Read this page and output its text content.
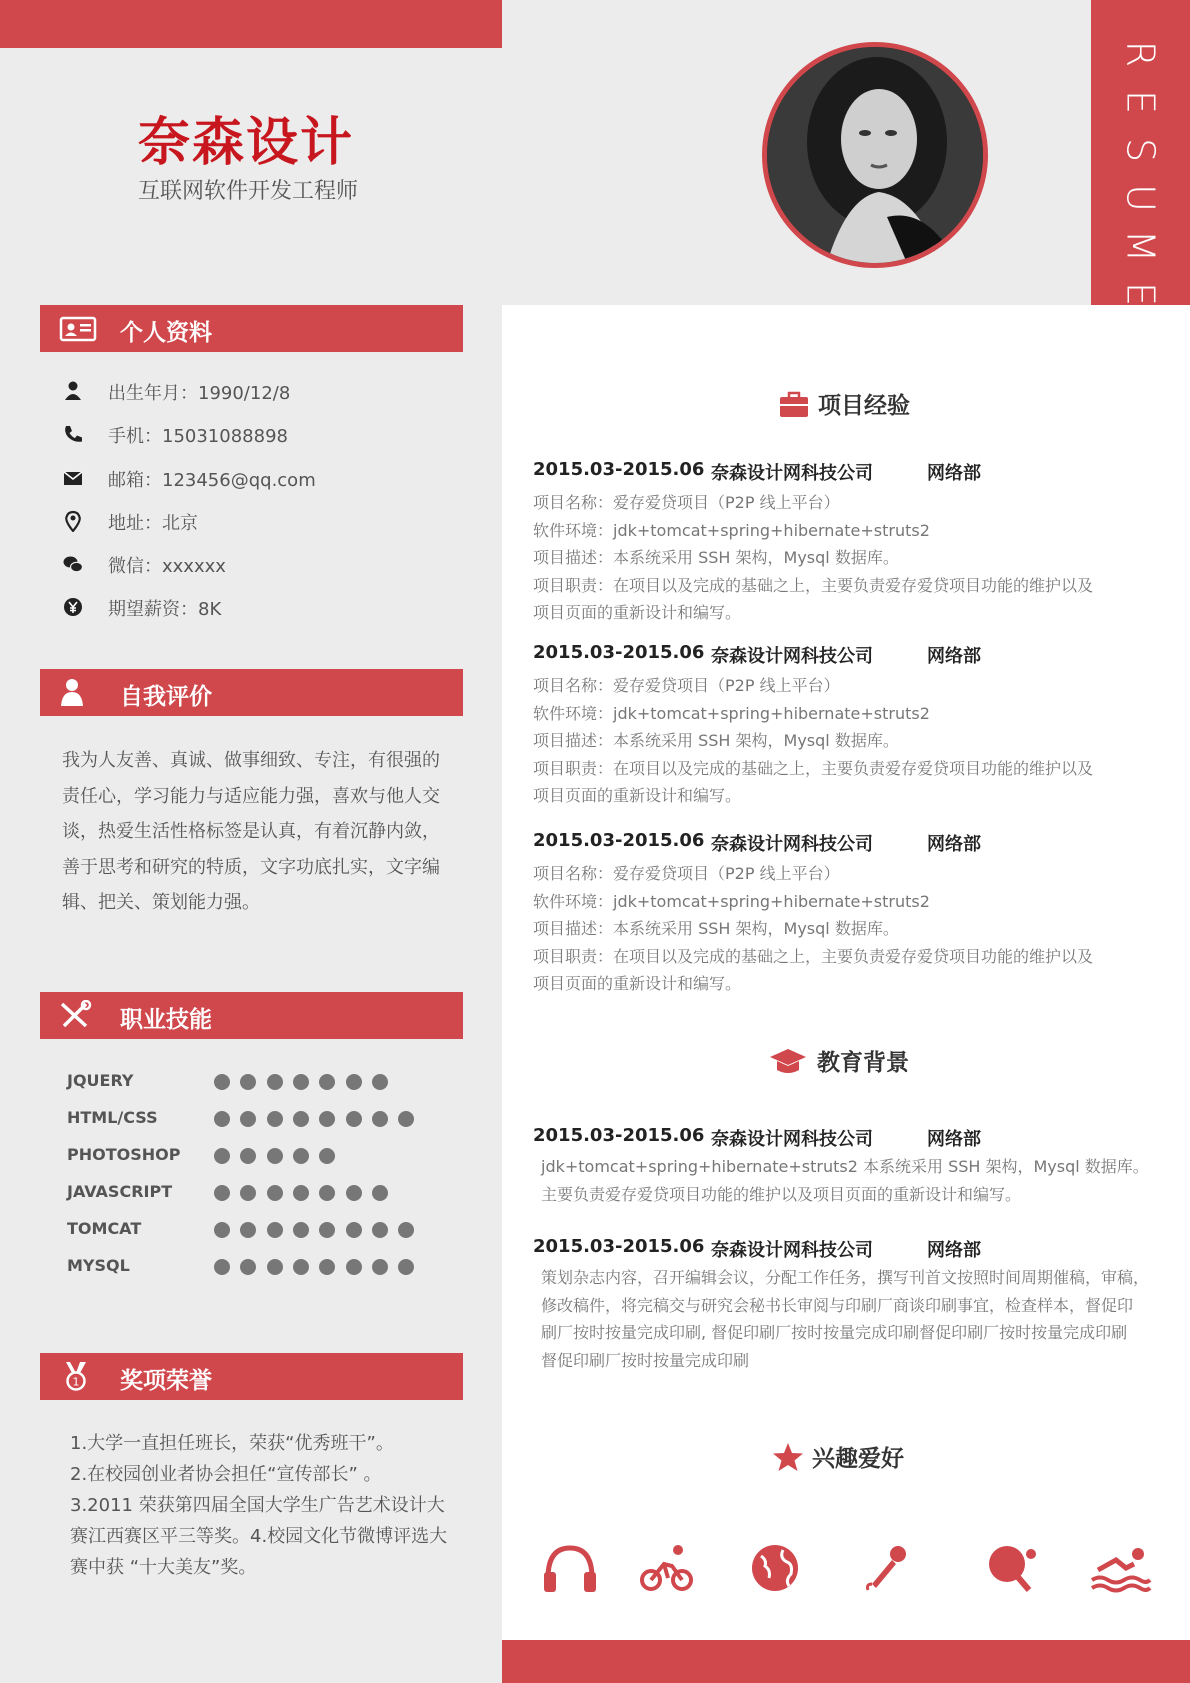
R
E
S
U
M
E
奈森设计
互联网软件开发工程师
个人资料
出生年月：1990/12/8
手机：15031088898
邮箱：123456@qq.com
地址：北京
微信：xxxxxx
期望薪资：8K
自我评价
我为人友善、真诚、做事细致、专注，有很强的责任心，学习能力与适应能力强，喜欢与他人交谈，热爱生活性格标签是认真，有着沉静内敛，善于思考和研究的特质，文字功底扎实，文字编辑、把关、策划能力强。
职业技能
JQUERY
HTML/CSS
PHOTOSHOP
JAVASCRIPT
TOMCAT
MYSQL
1 奖项荣誉
1.大学一直担任班长，荣获“优秀班干”。
2.在校园创业者协会担任“宣传部长” 。
3.2011 荣获第四届全国大学生广告艺术设计大赛江西赛区平三等奖。4.校园文化节微博评选大赛中获 “十大美友”奖。
项目经验
2015.03-2015.06 奈森设计网科技公司	网络部
项目名称：爱存爱贷项目（P2P 线上平台）
软件环境：jdk+tomcat+spring+hibernate+struts2
项目描述：本系统采用 SSH 架构，Mysql 数据库。
项目职责：在项目以及完成的基础之上，主要负责爱存爱贷项目功能的维护以及
项目页面的重新设计和编写。
2015.03-2015.06 奈森设计网科技公司	网络部
项目名称：爱存爱贷项目（P2P 线上平台）
软件环境：jdk+tomcat+spring+hibernate+struts2
项目描述：本系统采用 SSH 架构，Mysql 数据库。
项目职责：在项目以及完成的基础之上，主要负责爱存爱贷项目功能的维护以及
项目页面的重新设计和编写。
2015.03-2015.06 奈森设计网科技公司	网络部
项目名称：爱存爱贷项目（P2P 线上平台）
软件环境：jdk+tomcat+spring+hibernate+struts2
项目描述：本系统采用 SSH 架构，Mysql 数据库。
项目职责：在项目以及完成的基础之上，主要负责爱存爱贷项目功能的维护以及
项目页面的重新设计和编写。
教育背景
2015.03-2015.06 奈森设计网科技公司	网络部
jdk+tomcat+spring+hibernate+struts2 本系统采用 SSH 架构，Mysql 数据库。
主要负责爱存爱贷项目功能的维护以及项目页面的重新设计和编写。
2015.03-2015.06 奈森设计网科技公司	网络部
策划杂志内容，召开编辑会议，分配工作任务，撰写刊首文按照时间周期催稿，审稿，
修改稿件，将完稿交与研究会秘书长审阅与印刷厂商谈印刷事宜，检查样本，督促印
刷厂按时按量完成印刷, 督促印刷厂按时按量完成印刷督促印刷厂按时按量完成印刷
督促印刷厂按时按量完成印刷
兴趣爱好
